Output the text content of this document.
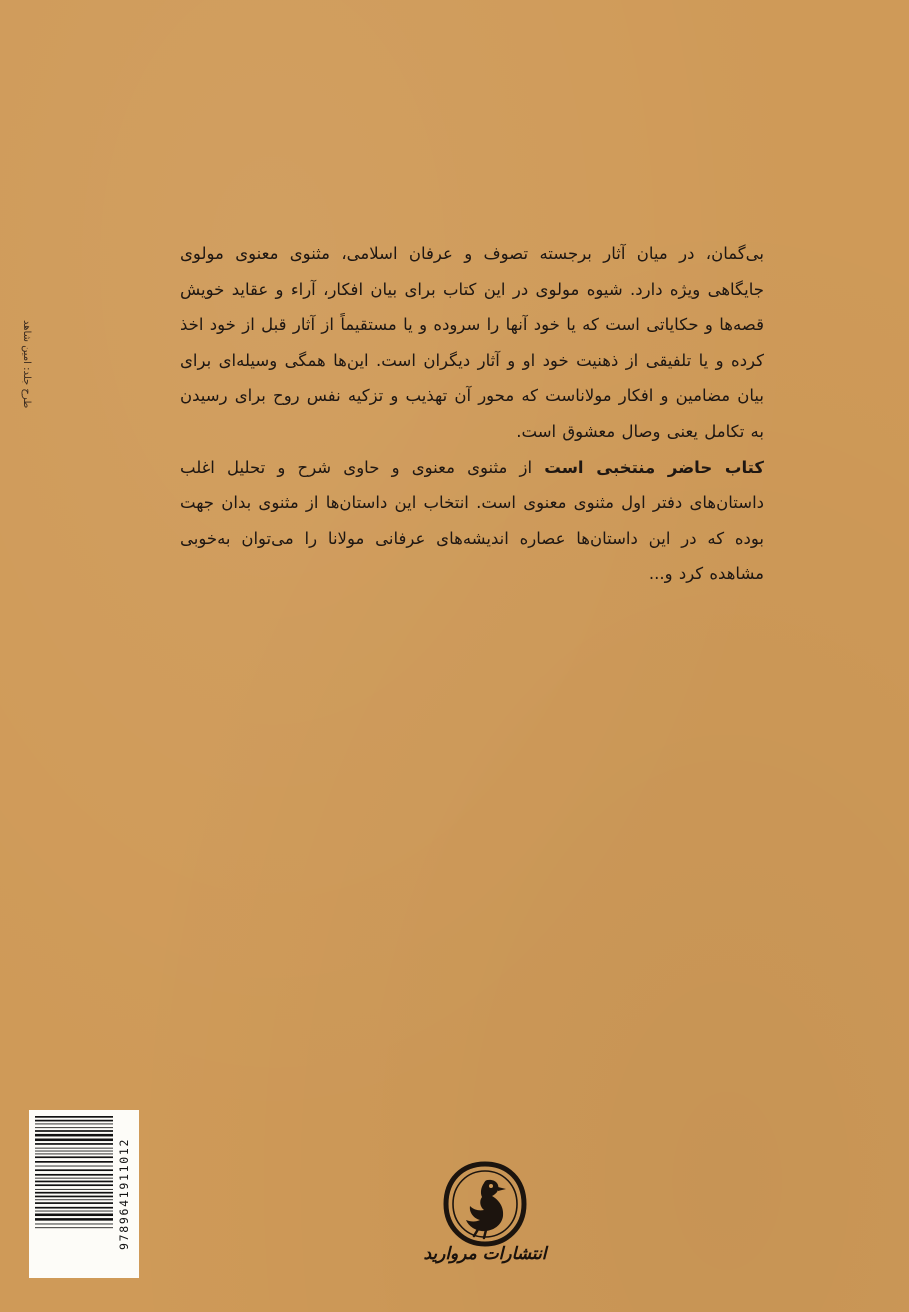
طرح جلد: امین شاهد

بی‌گمان، در میان آثار برجسته تصوف و عرفان اسلامی، مثنوی معنوی مولوی جایگاهی ویژه دارد. شیوه مولوی در این کتاب برای بیان افکار، آراء و عقاید خویش قصه‌ها و حکایاتی است که یا خود آنها را سروده و یا مستقیماً از آثار قبل از خود اخذ کرده و یا تلفیقی از ذهنیت خود او و آثار دیگران است. این‌ها همگی وسیله‌ای برای بیان مضامین و افکار مولاناست که محور آن تهذیب و تزکیه نفس روح برای رسیدن به تکامل یعنی وصال معشوق است.

کتاب حاضر منتخبی است از مثنوی معنوی و حاوی شرح و تحلیل اغلب داستان‌های دفتر اول مثنوی معنوی است. انتخاب این داستان‌ها از مثنوی بدان جهت بوده که در این داستان‌ها عصاره اندیشه‌های عرفانی مولانا را می‌توان به‌خوبی مشاهده کرد و...

9789641911012
انتشارات مروارید
